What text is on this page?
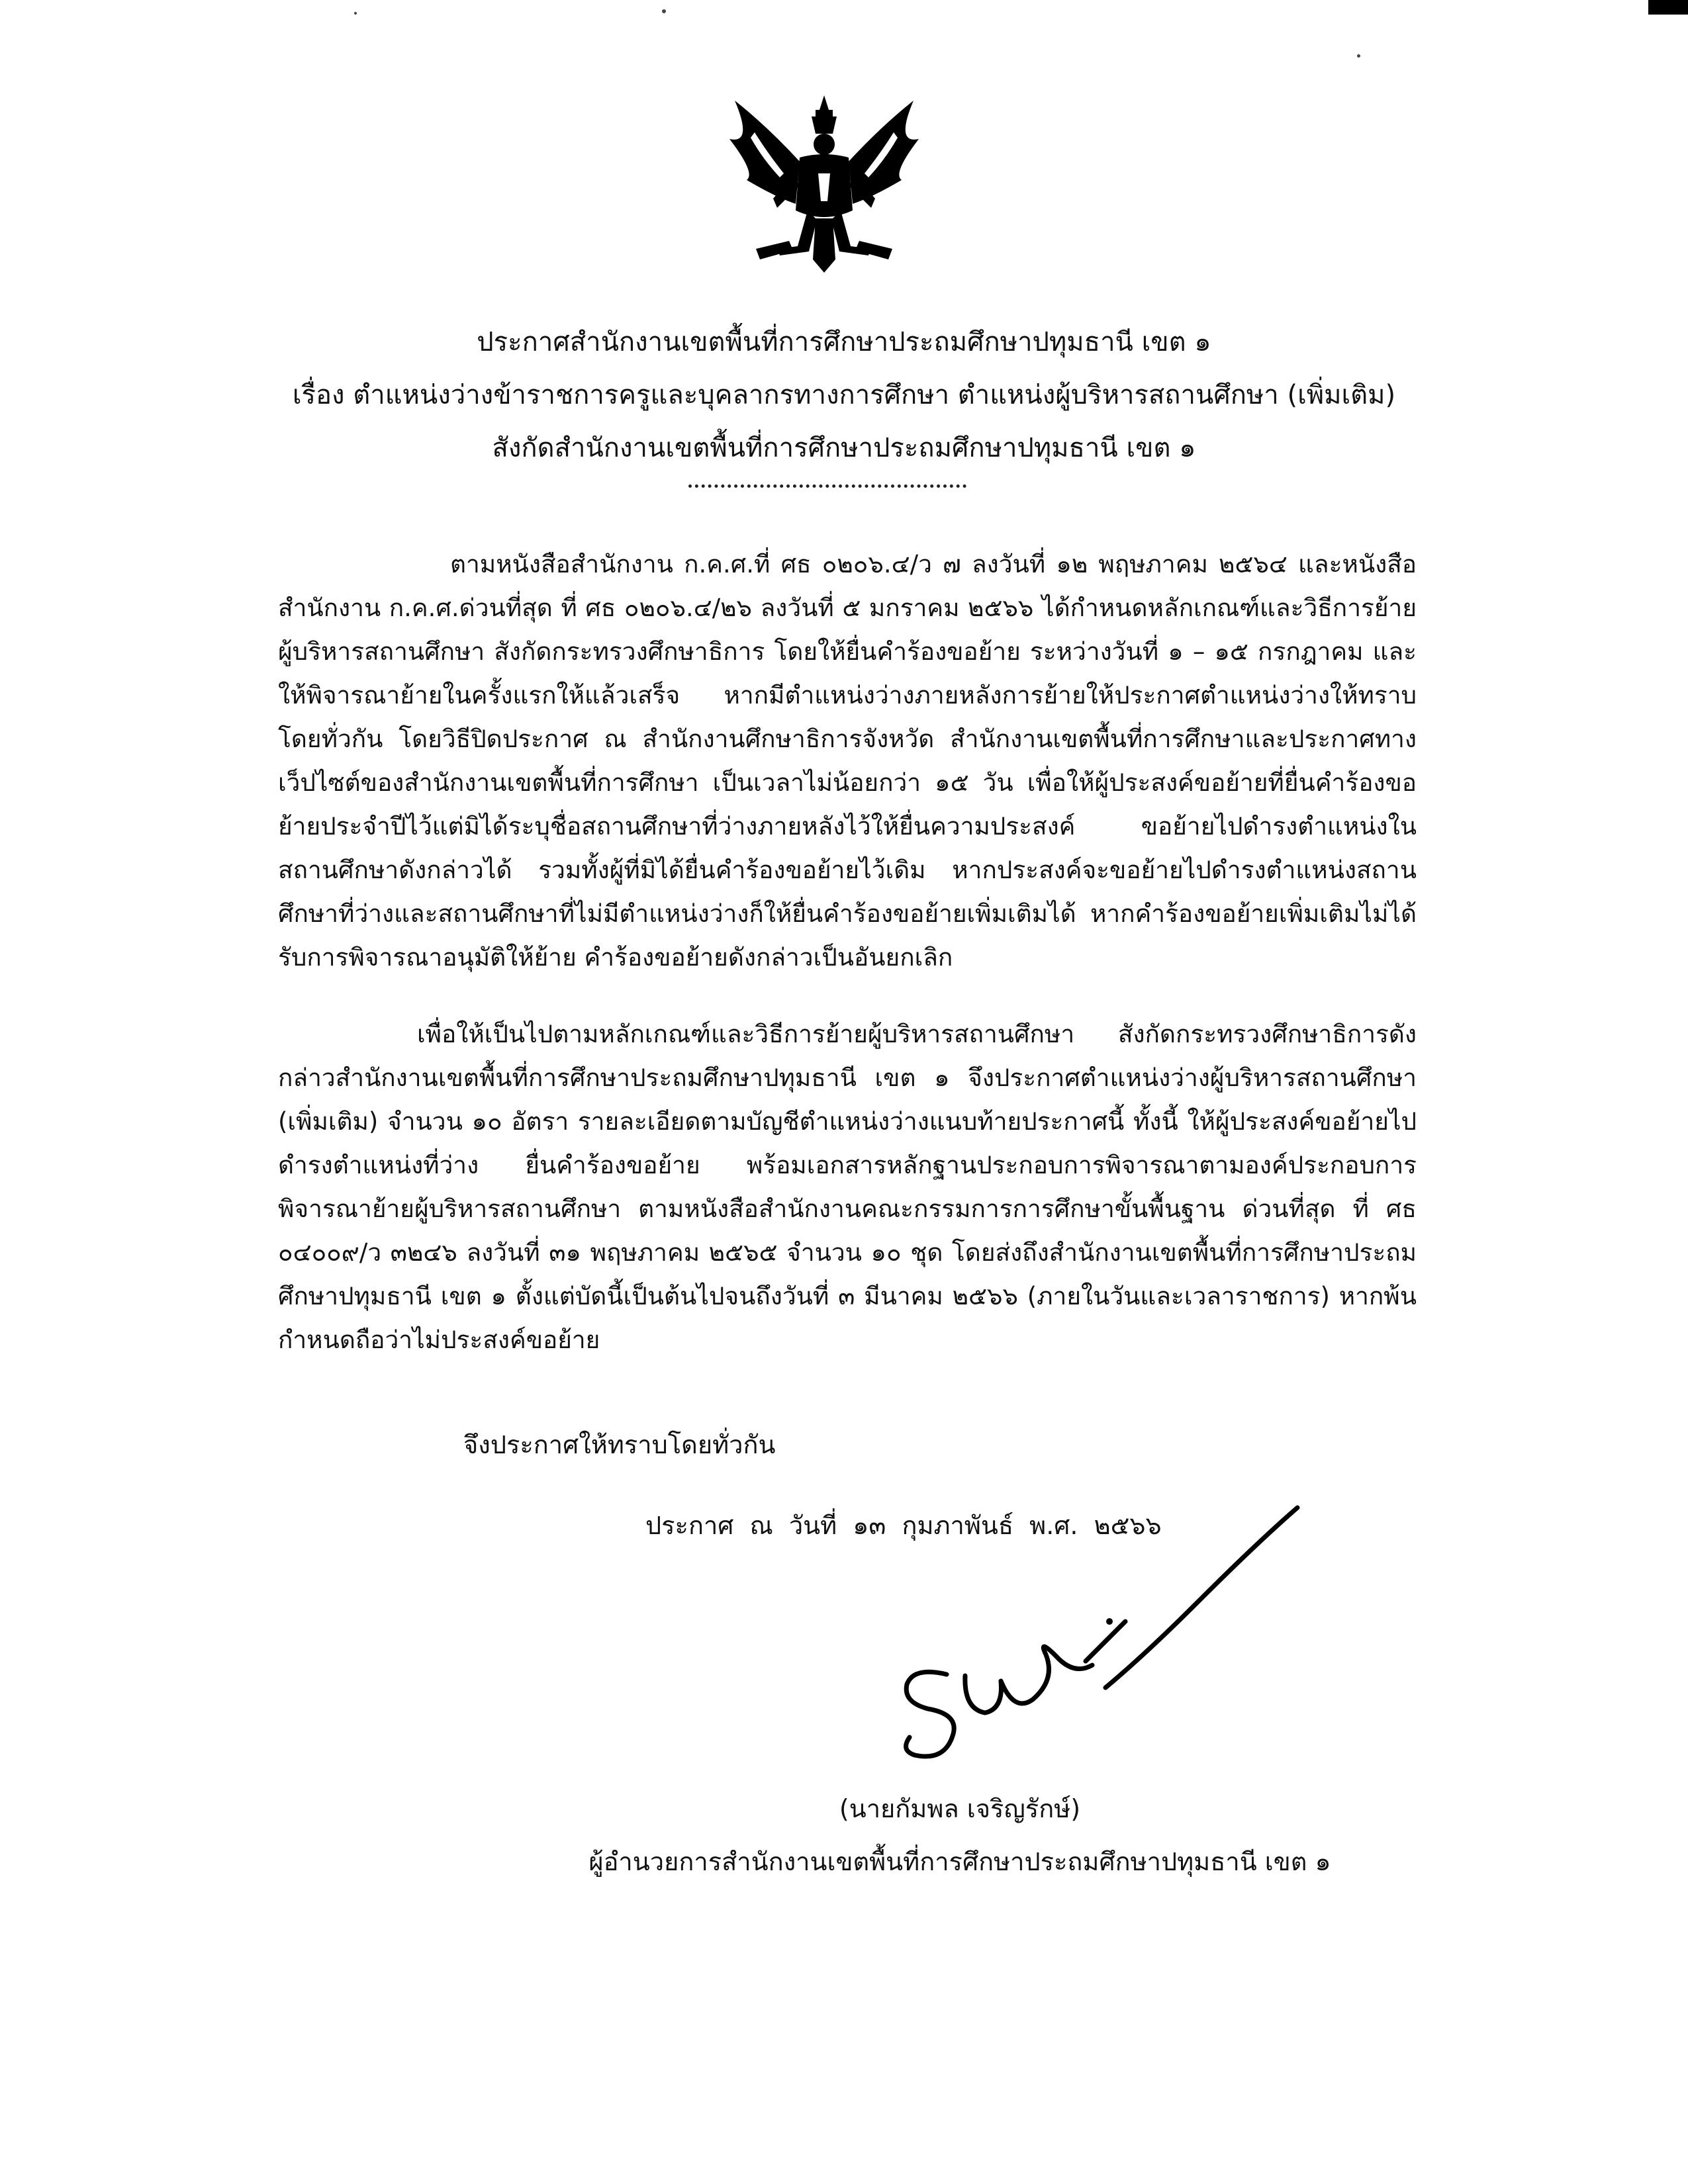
ประกาศสำนักงานเขตพื้นที่การศึกษาประถมศึกษาปทุมธานี เขต ๑
เรื่อง ตำแหน่งว่างข้าราชการครูและบุคลากรทางการศึกษา ตำแหน่งผู้บริหารสถานศึกษา (เพิ่มเติม)
สังกัดสำนักงานเขตพื้นที่การศึกษาประถมศึกษาปทุมธานี เขต ๑

ตามหนังสือสำนักงาน ก.ค.ศ.ที่ ศธ ๐๒๐๖.๔/ว ๗ ลงวันที่ ๑๒ พฤษภาคม ๒๕๖๔ และหนังสือสำนักงาน ก.ค.ศ.ด่วนที่สุด ที่ ศธ ๐๒๐๖.๔/๒๖ ลงวันที่ ๕ มกราคม ๒๕๖๖ ได้กำหนดหลักเกณฑ์และวิธีการย้ายผู้บริหารสถานศึกษา สังกัดกระทรวงศึกษาธิการ โดยให้ยื่นคำร้องขอย้าย ระหว่างวันที่ ๑ – ๑๕ กรกฎาคม และให้พิจารณาย้ายในครั้งแรกให้แล้วเสร็จ หากมีตำแหน่งว่างภายหลังการย้ายให้ประกาศตำแหน่งว่างให้ทราบโดยทั่วกัน โดยวิธีปิดประกาศ ณ สำนักงานศึกษาธิการจังหวัด สำนักงานเขตพื้นที่การศึกษาและประกาศทางเว็ปไซต์ของสำนักงานเขตพื้นที่การศึกษา เป็นเวลาไม่น้อยกว่า ๑๕ วัน เพื่อให้ผู้ประสงค์ขอย้ายที่ยื่นคำร้องขอย้ายประจำปีไว้แต่มิได้ระบุชื่อสถานศึกษาที่ว่างภายหลังไว้ให้ยื่นความประสงค์ ขอย้ายไปดำรงตำแหน่งในสถานศึกษาดังกล่าวได้ รวมทั้งผู้ที่มิได้ยื่นคำร้องขอย้ายไว้เดิม หากประสงค์จะขอย้ายไปดำรงตำแหน่งสถานศึกษาที่ว่างและสถานศึกษาที่ไม่มีตำแหน่งว่างก็ให้ยื่นคำร้องขอย้ายเพิ่มเติมได้ หากคำร้องขอย้ายเพิ่มเติมไม่ได้รับการพิจารณาอนุมัติให้ย้าย คำร้องขอย้ายดังกล่าวเป็นอันยกเลิก

เพื่อให้เป็นไปตามหลักเกณฑ์และวิธีการย้ายผู้บริหารสถานศึกษา สังกัดกระทรวงศึกษาธิการดังกล่าวสำนักงานเขตพื้นที่การศึกษาประถมศึกษาปทุมธานี เขต ๑ จึงประกาศตำแหน่งว่างผู้บริหารสถานศึกษา (เพิ่มเติม) จำนวน ๑๐ อัตรา รายละเอียดตามบัญชีตำแหน่งว่างแนบท้ายประกาศนี้ ทั้งนี้ ให้ผู้ประสงค์ขอย้ายไปดำรงตำแหน่งที่ว่าง ยื่นคำร้องขอย้าย พร้อมเอกสารหลักฐานประกอบการพิจารณาตามองค์ประกอบการพิจารณาย้ายผู้บริหารสถานศึกษา ตามหนังสือสำนักงานคณะกรรมการการศึกษาขั้นพื้นฐาน ด่วนที่สุด ที่ ศธ ๐๔๐๐๙/ว ๓๒๔๖ ลงวันที่ ๓๑ พฤษภาคม ๒๕๖๕ จำนวน ๑๐ ชุด โดยส่งถึงสำนักงานเขตพื้นที่การศึกษาประถมศึกษาปทุมธานี เขต ๑ ตั้งแต่บัดนี้เป็นต้นไปจนถึงวันที่ ๓ มีนาคม ๒๕๖๖ (ภายในวันและเวลาราชการ) หากพ้นกำหนดถือว่าไม่ประสงค์ขอย้าย

จึงประกาศให้ทราบโดยทั่วกัน
ประกาศ ณ วันที่ ๑๓ กุมภาพันธ์ พ.ศ. ๒๕๖๖
(นายกัมพล เจริญรักษ์)
ผู้อำนวยการสำนักงานเขตพื้นที่การศึกษาประถมศึกษาปทุมธานี เขต ๑
